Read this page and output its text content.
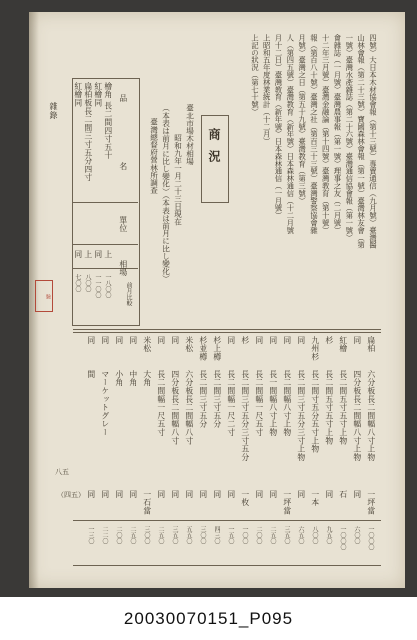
雜錄
商況
臺北市場木材相場
昭和九年一月二十三日現在
（本表は前月に比し變化）（本表は前月に比し變化）
臺灣總督府營林所調查
前月比較
八五
（四五）
驗
四號）大日本木材協會報（第十三號）專賣通信（九月號）臺灣醫
山林會報（第二十三號）寶國森林會報（第一號）臺灣林友會（第
一號）臺灣水產雜誌（第二十六號）臺灣通信協會報（第一號）
會雜誌（一月號）臺灣農事報（第一號）理事之友（二月號）
十二年三月號）臺灣金融論（第十四號）臺灣教育（第十號）
報（第百八十號）臺灣之社（第百三十三號）臺灣警察協會雜
月號）臺灣之日（第五十九號）臺灣教育（第三號）
人（第四五號）臺灣教育（新年號）日本森林通信（十二月號
月十二日）臺灣教育（新年號）日本森林通信（一月號）
上昭和五年度林業統計（十二月）
上記の狀況（第七十號）
品
名
單位
相場
檜角 長二間四寸五十
上
一八〇〇
紅檜同
同
一一〇〇
扁柏板長二間三寸五分四寸
上
八〇〇
紅檜同
同
七〇〇
扁柏
六分板長二間幅八寸上物
一坪當
一〇〇〇
同
四分板長二間幅八寸上物
同
六〇〇
紅檜
長二間五寸五寸上物
石
一〇〇〇
杉
長二間五寸五寸上物
同
九五〇
九州杉
長二間寸五分五寸上物
一本
八〇〇
同
長二間三寸五分三寸上物
同
六五〇
同
長二間幅八寸上物
一坪當
三五〇
同
長一間幅八寸上物
同
二五〇
同
長二間幅一尺五寸
同
二〇〇
杉
長二間三寸五分三寸五分
一枚
一〇〇
同
長二間幅一尺二寸
同
一五〇
杉上樽
長二間三寸五分
同
四三〇
杉並樽
長二間三寸五分
同
三〇〇
米松
六分板長二間幅八寸
同
五五〇
同
四分板長二間幅八寸
同
三五〇
同
長二間幅一尺五寸
同
二五〇
米松
大角
一石當
三〇〇
同
中角
同
二五〇
同
小角
同
二〇〇
同
マーケットグレー
同
二二〇
同
間
同
一三〇
20030070151_P095
